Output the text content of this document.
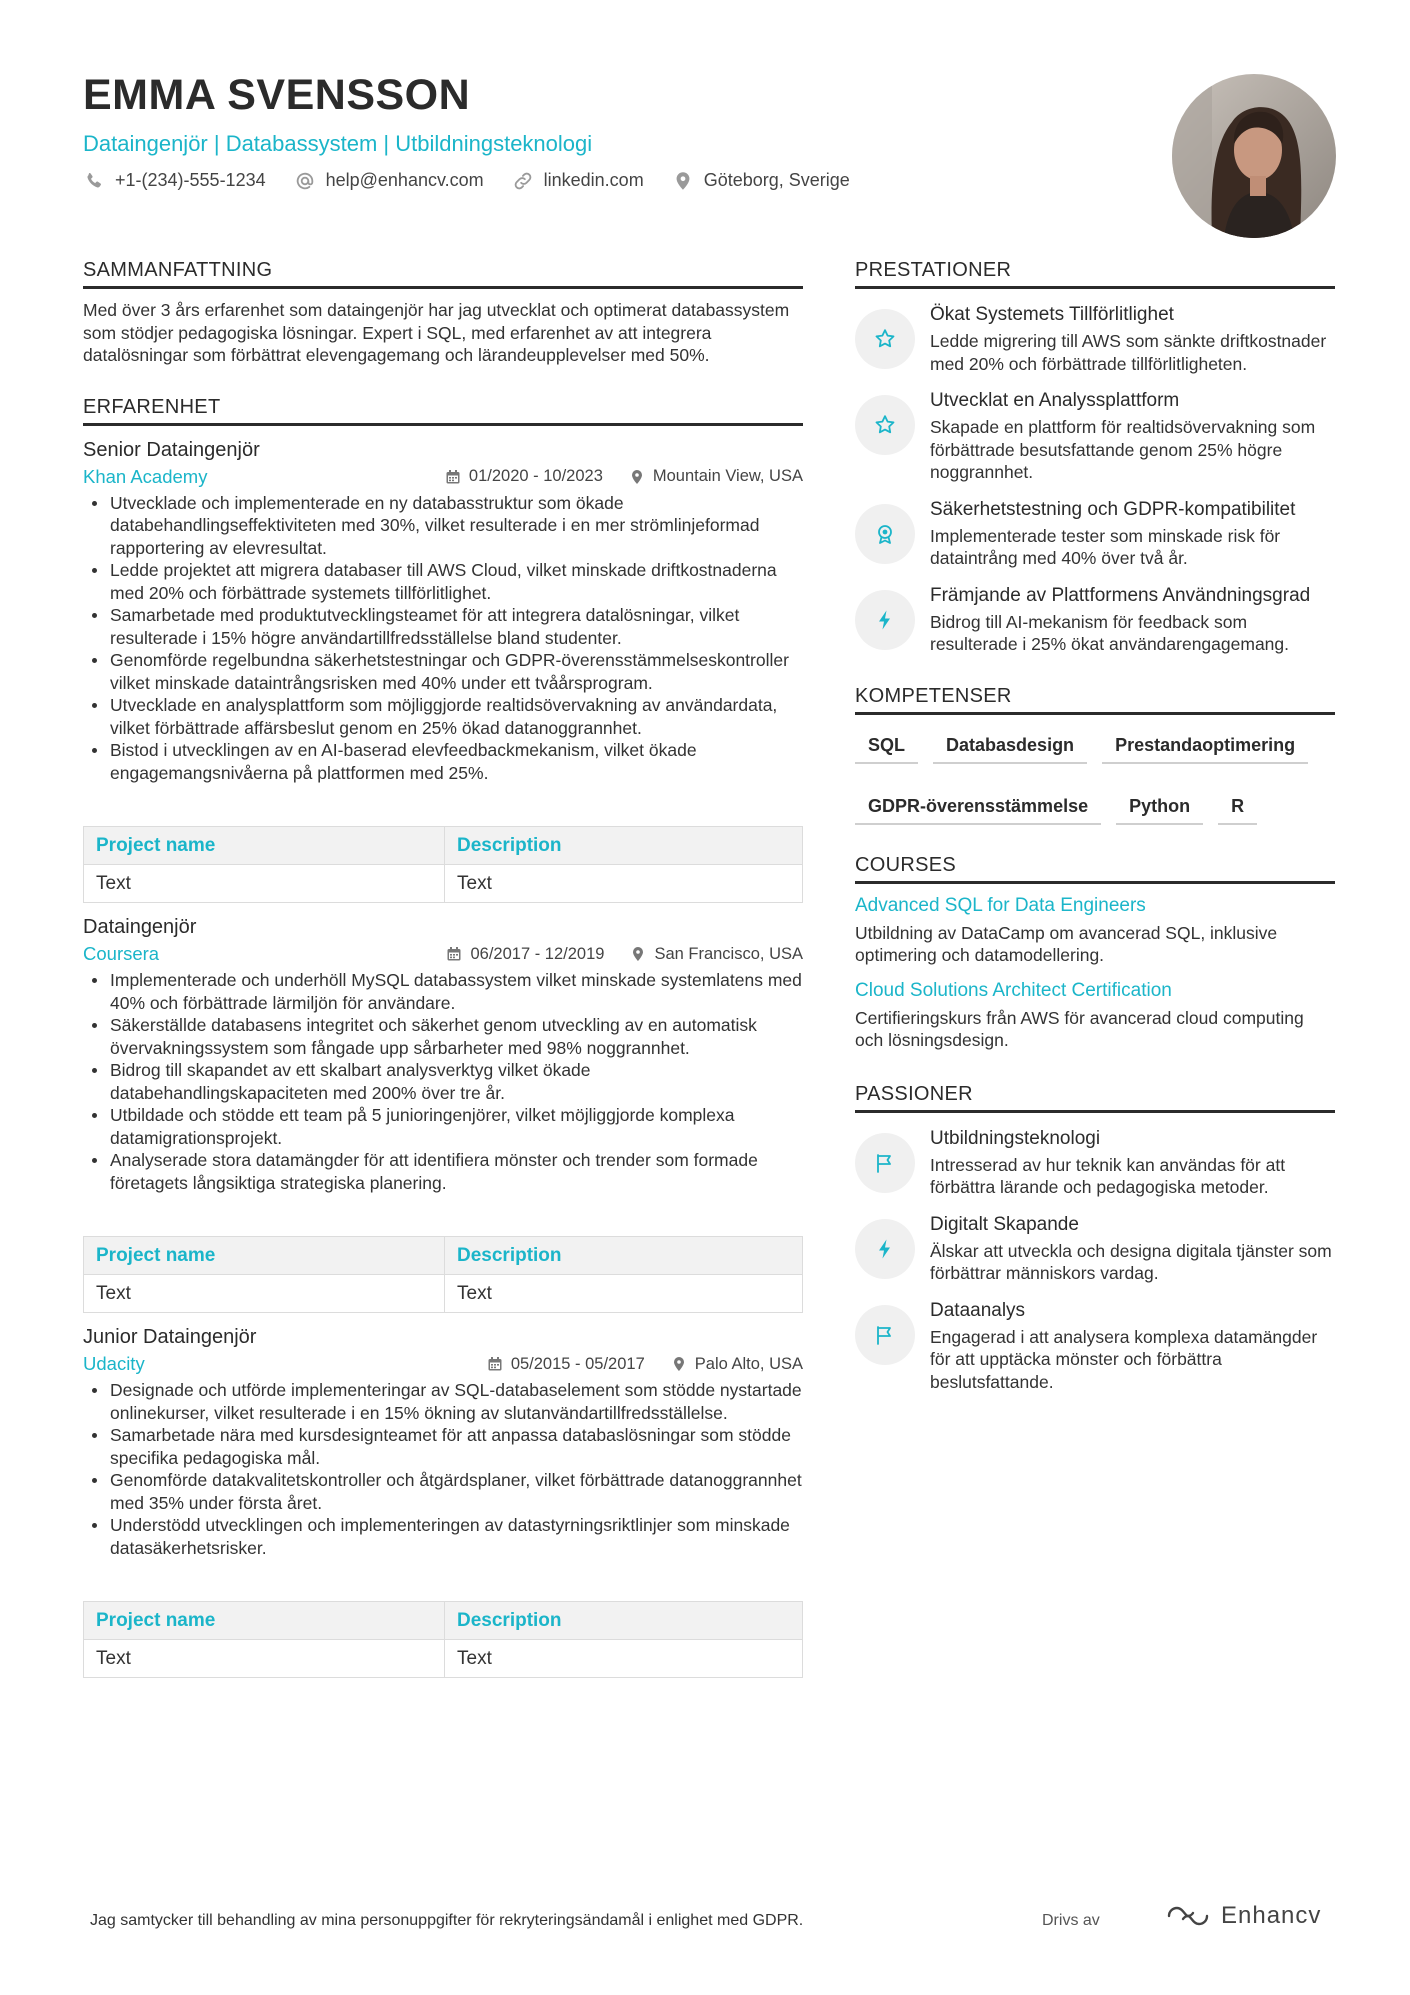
EMMA SVENSSON
Dataingenjör | Databassystem | Utbildningsteknologi
+1-(234)-555-1234	help@enhancv.com	linkedin.com	Göteborg, Sverige
SAMMANFATTNING
Med över 3 års erfarenhet som dataingenjör har jag utvecklat och optimerat databassystem som stödjer pedagogiska lösningar. Expert i SQL, med erfarenhet av att integrera datalösningar som förbättrat elevengagemang och lärandeupplevelser med 50%.
ERFARENHET
Senior Dataingenjör
Khan Academy	01/2020 - 10/2023	Mountain View, USA
Utvecklade och implementerade en ny databasstruktur som ökade databehandlingseffektiviteten med 30%, vilket resulterade i en mer strömlinjeformad rapportering av elevresultat.
Ledde projektet att migrera databaser till AWS Cloud, vilket minskade driftkostnaderna med 20% och förbättrade systemets tillförlitlighet.
Samarbetade med produktutvecklingsteamet för att integrera datalösningar, vilket resulterade i 15% högre användartillfredsställelse bland studenter.
Genomförde regelbundna säkerhetstestningar och GDPR-överensstämmelseskontroller vilket minskade dataintrångsrisken med 40% under ett tvåårsprogram.
Utvecklade en analysplattform som möjliggjorde realtidsövervakning av användardata, vilket förbättrade affärsbeslut genom en 25% ökad datanoggrannhet.
Bistod i utvecklingen av en AI-baserad elevfeedbackmekanism, vilket ökade engagemangsnivåerna på plattformen med 25%.
Project name	Description
Text	Text
Dataingenjör
Coursera	06/2017 - 12/2019	San Francisco, USA
Implementerade och underhöll MySQL databassystem vilket minskade systemlatens med 40% och förbättrade lärmiljön för användare.
Säkerställde databasens integritet och säkerhet genom utveckling av en automatisk övervakningssystem som fångade upp sårbarheter med 98% noggrannhet.
Bidrog till skapandet av ett skalbart analysverktyg vilket ökade databehandlingskapaciteten med 200% över tre år.
Utbildade och stödde ett team på 5 junioringenjörer, vilket möjliggjorde komplexa datamigrationsprojekt.
Analyserade stora datamängder för att identifiera mönster och trender som formade företagets långsiktiga strategiska planering.
Project name	Description
Text	Text
Junior Dataingenjör
Udacity	05/2015 - 05/2017	Palo Alto, USA
Designade och utförde implementeringar av SQL-databaselement som stödde nystartade onlinekurser, vilket resulterade i en 15% ökning av slutanvändartillfredsställelse.
Samarbetade nära med kursdesignteamet för att anpassa databaslösningar som stödde specifika pedagogiska mål.
Genomförde datakvalitetskontroller och åtgärdsplaner, vilket förbättrade datanoggrannhet med 35% under första året.
Understödd utvecklingen och implementeringen av datastyrningsriktlinjer som minskade datasäkerhetsrisker.
Project name	Description
Text	Text
PRESTATIONER
Ökat Systemets Tillförlitlighet
Ledde migrering till AWS som sänkte driftkostnader med 20% och förbättrade tillförlitligheten.
Utvecklat en Analyssplattform
Skapade en plattform för realtidsövervakning som förbättrade besutsfattande genom 25% högre noggrannhet.
Säkerhetstestning och GDPR-kompatibilitet
Implementerade tester som minskade risk för dataintrång med 40% över två år.
Främjande av Plattformens Användningsgrad
Bidrog till AI-mekanism för feedback som resulterade i 25% ökat användarengagemang.
KOMPETENSER
SQL	Databasdesign	Prestandaoptimering
GDPR-överensstämmelse	Python	R
COURSES
Advanced SQL for Data Engineers
Utbildning av DataCamp om avancerad SQL, inklusive optimering och datamodellering.
Cloud Solutions Architect Certification
Certifieringskurs från AWS för avancerad cloud computing och lösningsdesign.
PASSIONER
Utbildningsteknologi
Intresserad av hur teknik kan användas för att förbättra lärande och pedagogiska metoder.
Digitalt Skapande
Älskar att utveckla och designa digitala tjänster som förbättrar människors vardag.
Dataanalys
Engagerad i att analysera komplexa datamängder för att upptäcka mönster och förbättra beslutsfattande.
Jag samtycker till behandling av mina personuppgifter för rekryteringsändamål i enlighet med GDPR.	Drivs av	Enhancv
